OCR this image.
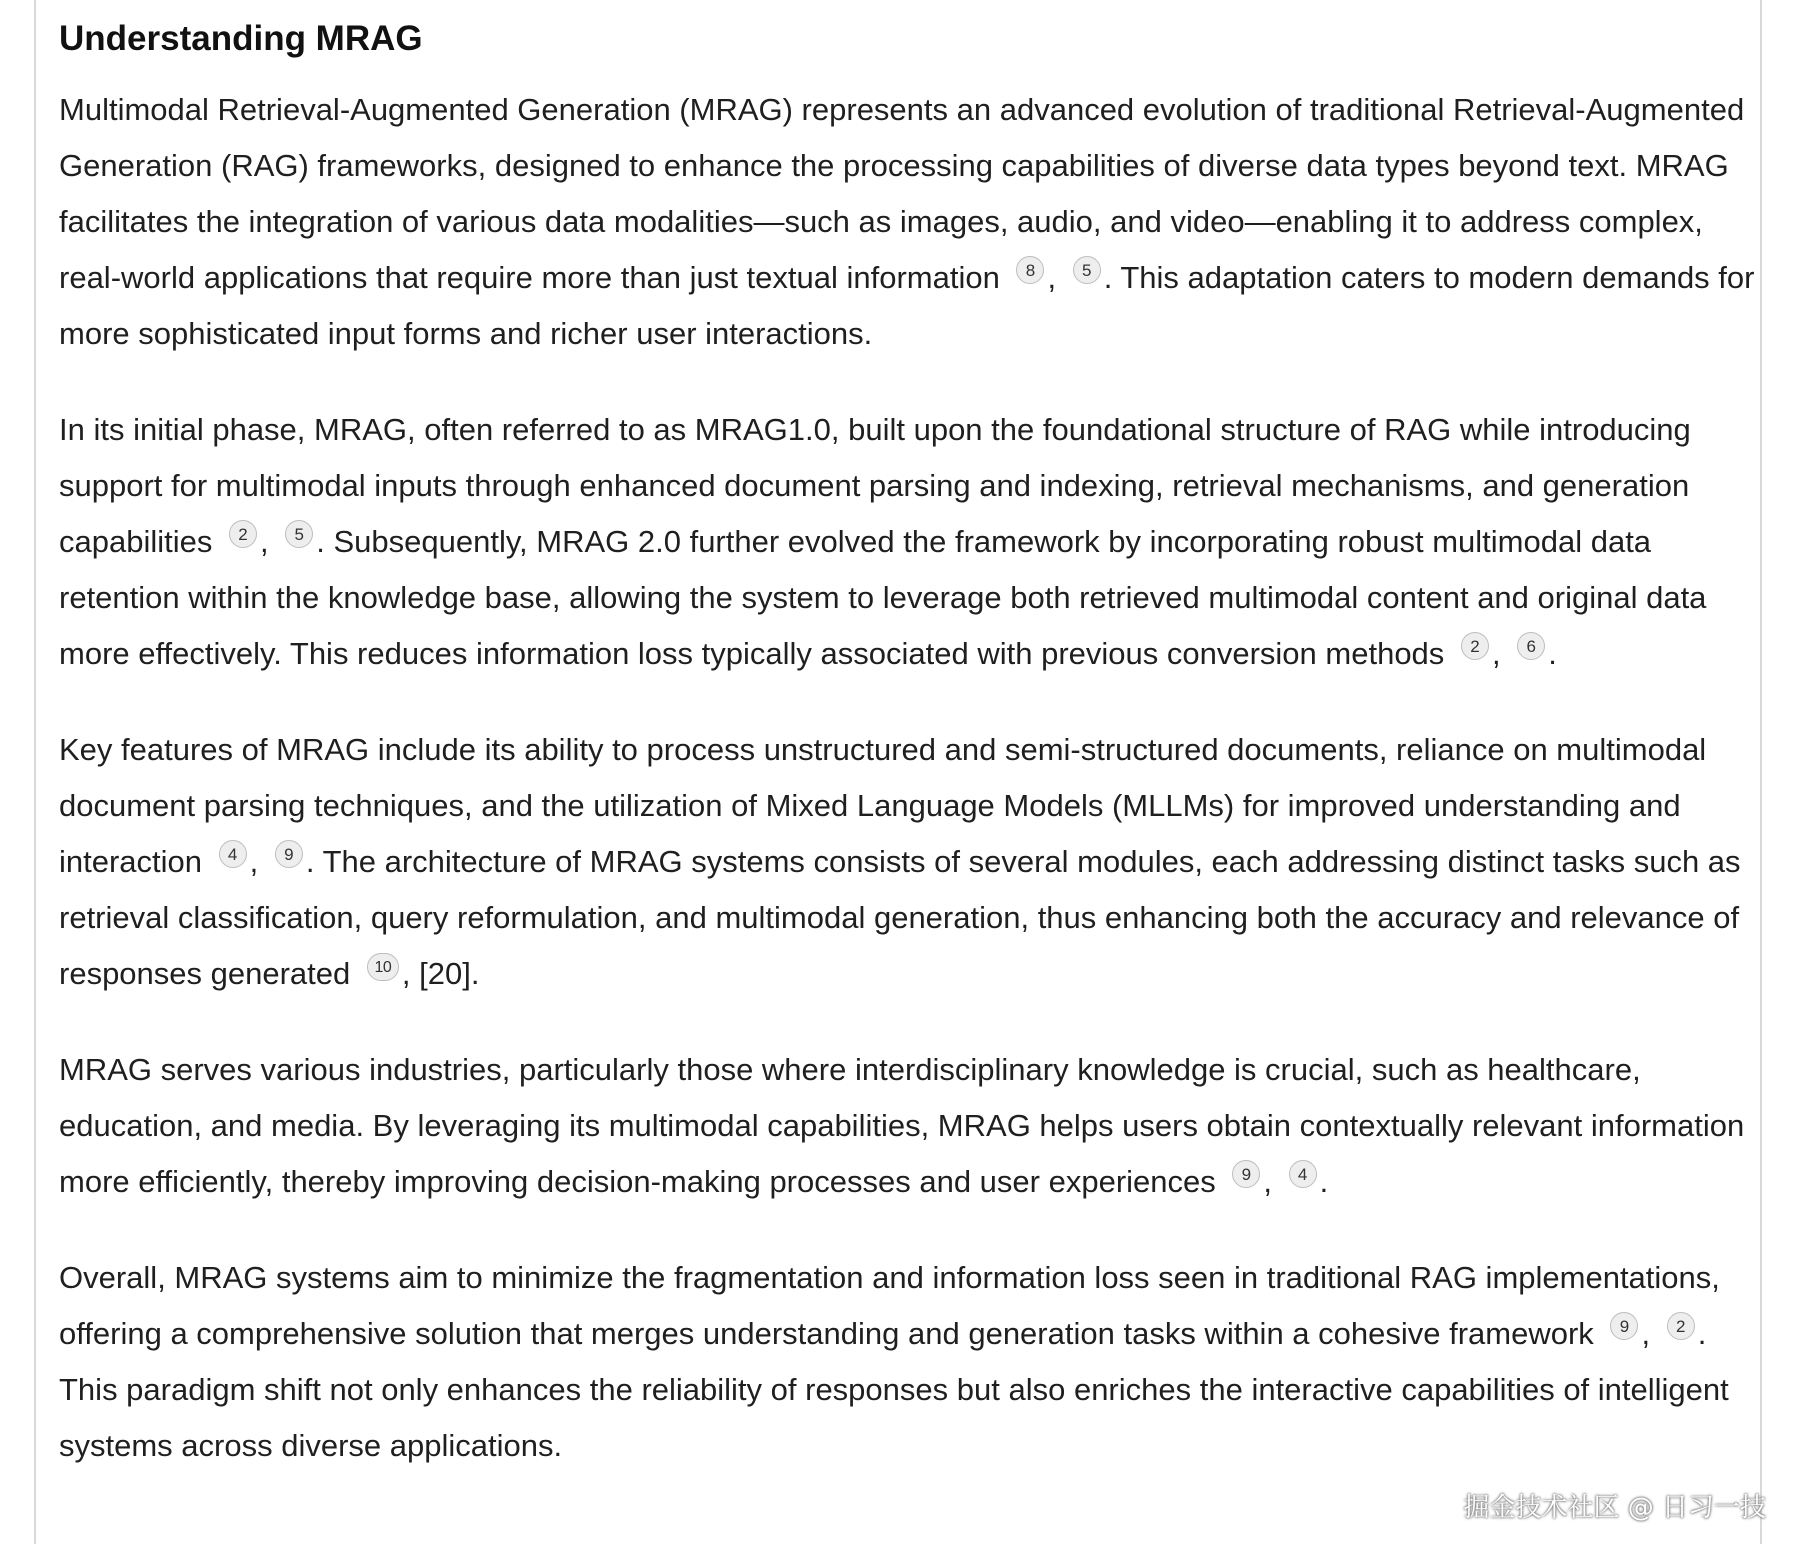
Understanding MRAG

Multimodal Retrieval-Augmented Generation (MRAG) represents an advanced evolution of traditional Retrieval-Augmented Generation (RAG) frameworks, designed to enhance the processing capabilities of diverse data types beyond text. MRAG facilitates the integration of various data modalities—such as images, audio, and video—enabling it to address complex, real-world applications that require more than just textual information 8 , 5 . This adaptation caters to modern demands for more sophisticated input forms and richer user interactions.

In its initial phase, MRAG, often referred to as MRAG1.0, built upon the foundational structure of RAG while introducing support for multimodal inputs through enhanced document parsing and indexing, retrieval mechanisms, and generation capabilities 2 , 5 . Subsequently, MRAG 2.0 further evolved the framework by incorporating robust multimodal data retention within the knowledge base, allowing the system to leverage both retrieved multimodal content and original data more effectively. This reduces information loss typically associated with previous conversion methods 2 , 6 .

Key features of MRAG include its ability to process unstructured and semi-structured documents, reliance on multimodal document parsing techniques, and the utilization of Mixed Language Models (MLLMs) for improved understanding and interaction 4 , 9 . The architecture of MRAG systems consists of several modules, each addressing distinct tasks such as retrieval classification, query reformulation, and multimodal generation, thus enhancing both the accuracy and relevance of responses generated 10 , [20].

MRAG serves various industries, particularly those where interdisciplinary knowledge is crucial, such as healthcare, education, and media. By leveraging its multimodal capabilities, MRAG helps users obtain contextually relevant information more efficiently, thereby improving decision-making processes and user experiences 9 , 4 .

Overall, MRAG systems aim to minimize the fragmentation and information loss seen in traditional RAG implementations, offering a comprehensive solution that merges understanding and generation tasks within a cohesive framework 9 , 2 . This paradigm shift not only enhances the reliability of responses but also enriches the interactive capabilities of intelligent systems across diverse applications.

掘金技术社区 @ 日习一技
